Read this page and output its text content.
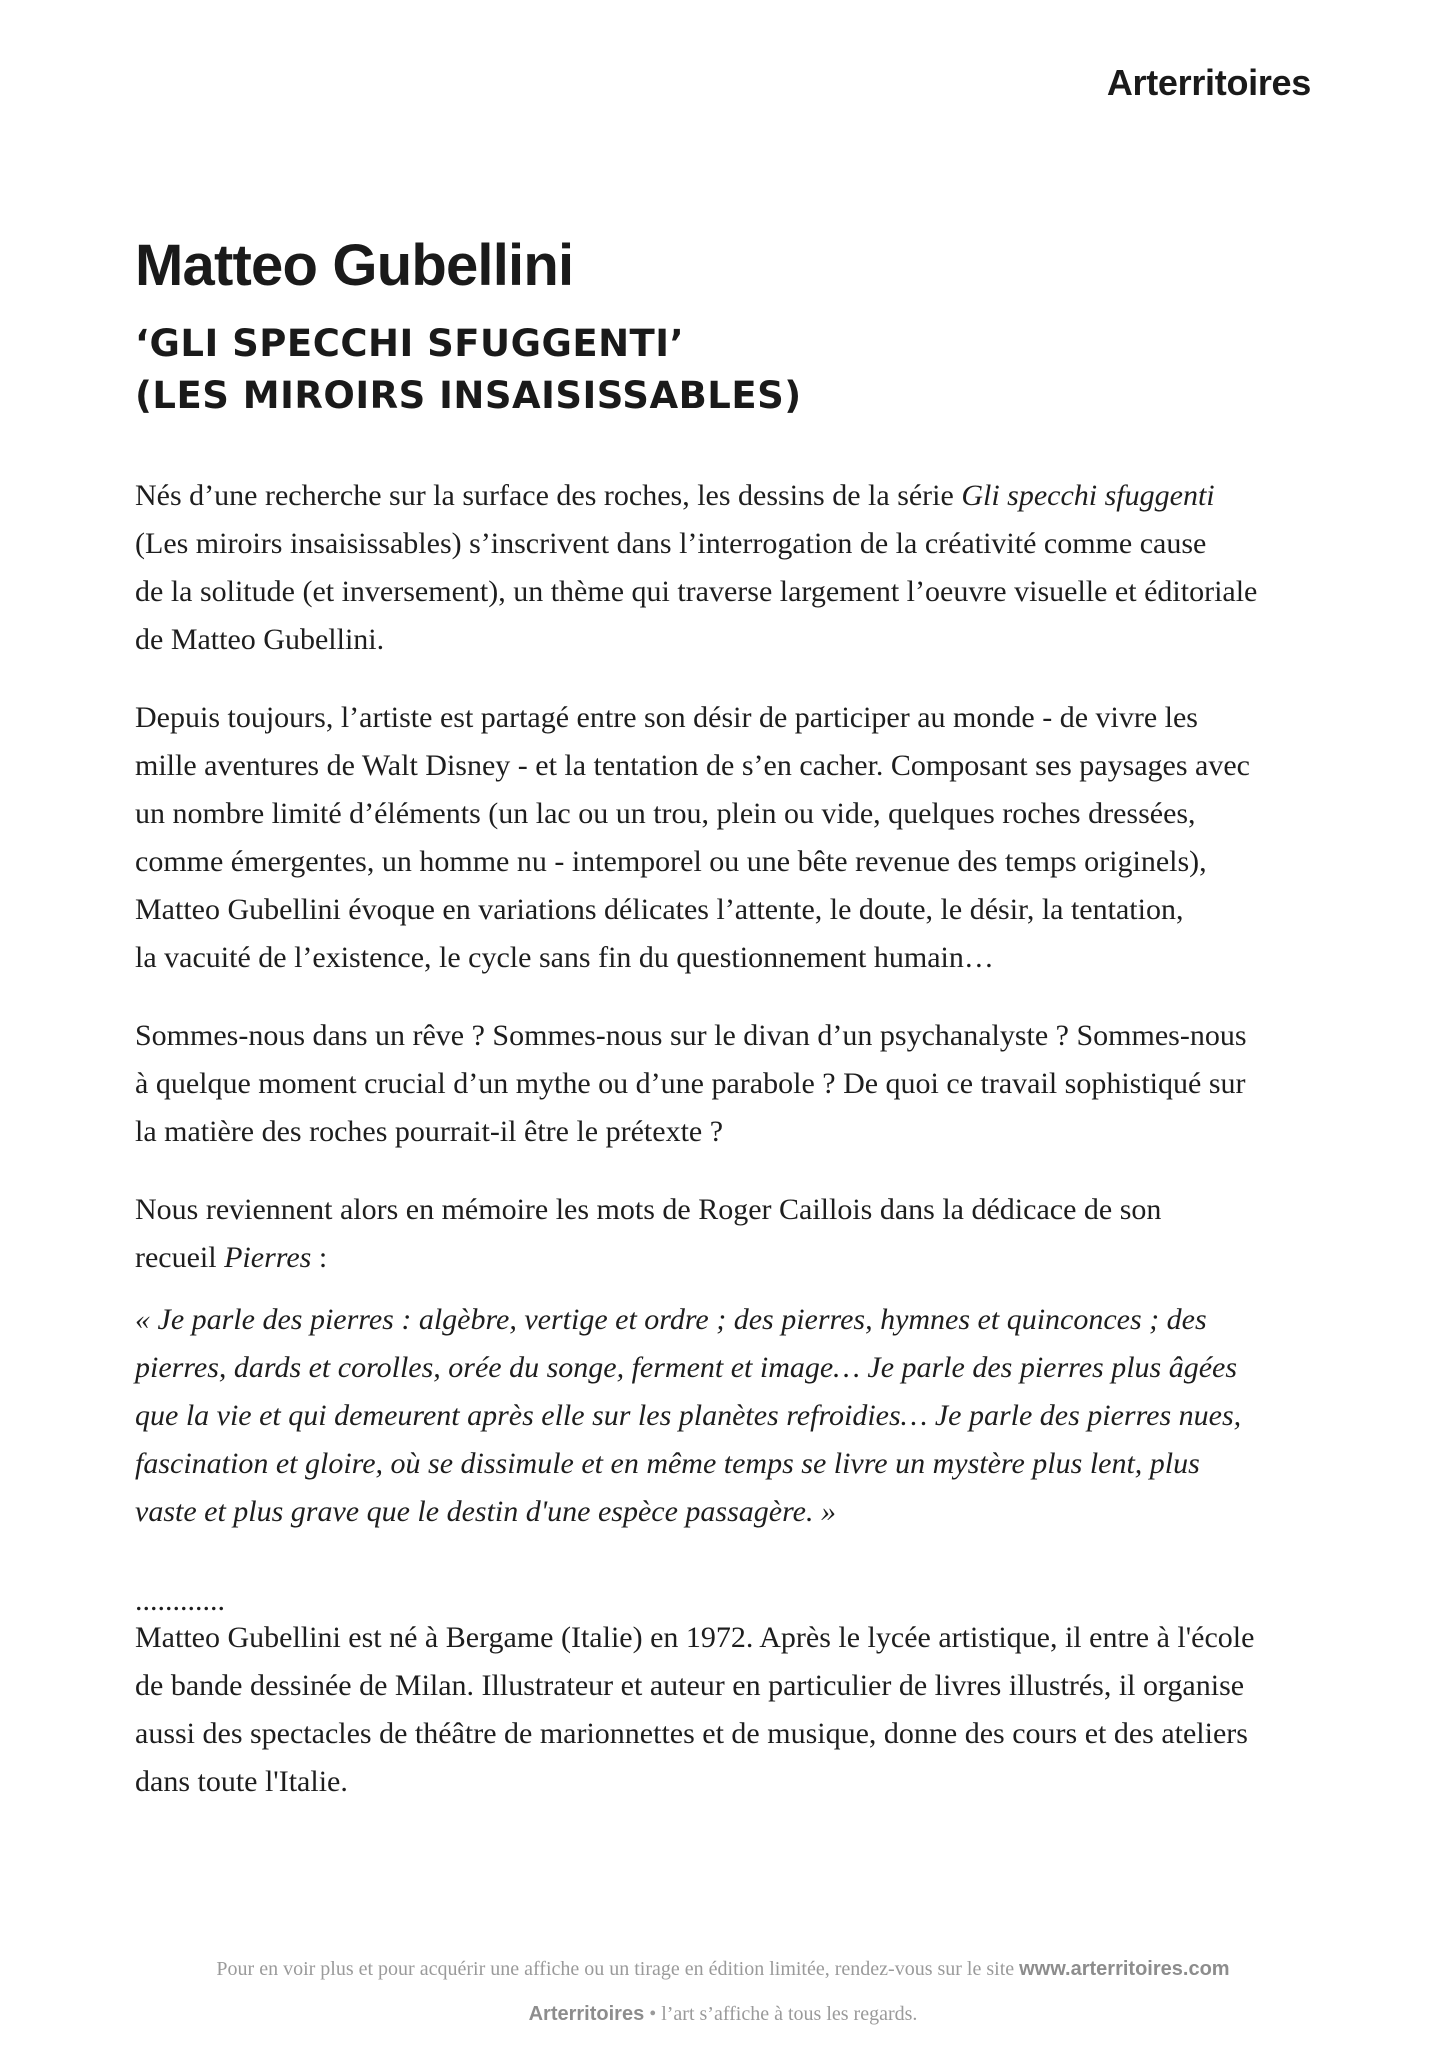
Arterritoires
Matteo Gubellini
‘GLI SPECCHI SFUGGENTI’
(LES MIROIRS INSAISISSABLES)

Nés d’une recherche sur la surface des roches, les dessins de la série Gli specchi sfuggenti
(Les miroirs insaisissables) s’inscrivent dans l’interrogation de la créativité comme cause
de la solitude (et inversement), un thème qui traverse largement l’oeuvre visuelle et éditoriale
de Matteo Gubellini.

Depuis toujours, l’artiste est partagé entre son désir de participer au monde - de vivre les
mille aventures de Walt Disney - et la tentation de s’en cacher. Composant ses paysages avec
un nombre limité d’éléments (un lac ou un trou, plein ou vide, quelques roches dressées,
comme émergentes, un homme nu - intemporel ou une bête revenue des temps originels),
Matteo Gubellini évoque en variations délicates l’attente, le doute, le désir, la tentation,
la vacuité de l’existence, le cycle sans fin du questionnement humain…

Sommes-nous dans un rêve ? Sommes-nous sur le divan d’un psychanalyste ? Sommes-nous
à quelque moment crucial d’un mythe ou d’une parabole ? De quoi ce travail sophistiqué sur
la matière des roches pourrait-il être le prétexte ?

Nous reviennent alors en mémoire les mots de Roger Caillois dans la dédicace de son
recueil Pierres :

« Je parle des pierres : algèbre, vertige et ordre ; des pierres, hymnes et quinconces ; des
pierres, dards et corolles, orée du songe, ferment et image… Je parle des pierres plus âgées
que la vie et qui demeurent après elle sur les planètes refroidies… Je parle des pierres nues,
fascination et gloire, où se dissimule et en même temps se livre un mystère plus lent, plus
vaste et plus grave que le destin d'une espèce passagère. »

............

Matteo Gubellini est né à Bergame (Italie) en 1972. Après le lycée artistique, il entre à l'école
de bande dessinée de Milan. Illustrateur et auteur en particulier de livres illustrés, il organise
aussi des spectacles de théâtre de marionnettes et de musique, donne des cours et des ateliers
dans toute l'Italie.

Pour en voir plus et pour acquérir une affiche ou un tirage en édition limitée, rendez-vous sur le site www.arterritoires.com
Arterritoires • l’art s’affiche à tous les regards.
